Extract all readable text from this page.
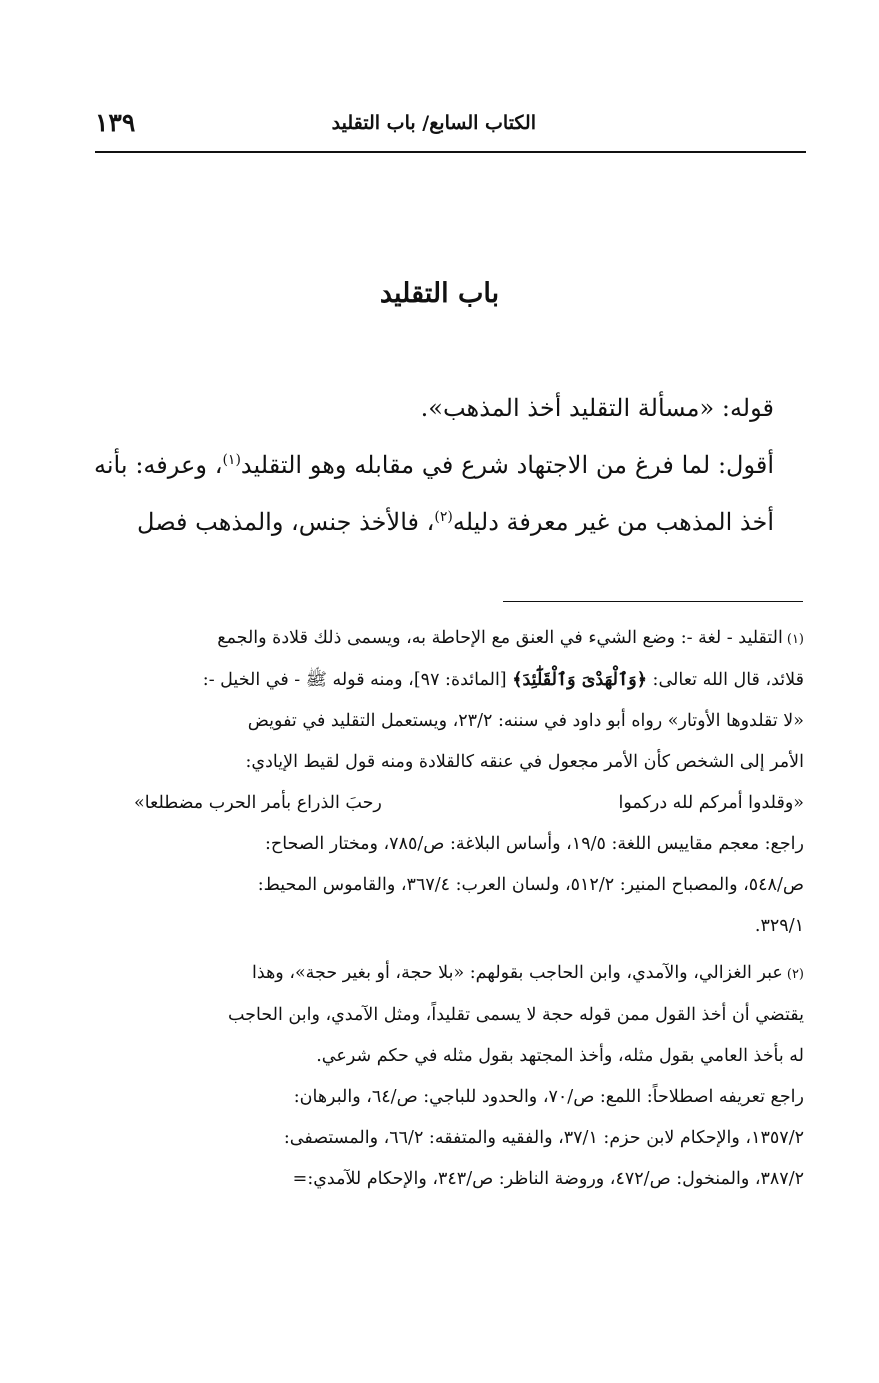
الكتاب السابع/ باب التقليد
١٣٩
باب التقليد

قوله: «مسألة التقليد أخذ المذهب».

أقول: لما فرغ من الاجتهاد شرع في مقابله وهو التقليد$^{(١)}$، وعرفه: بأنه أخذ المذهب من غير معرفة دليله$^{(٢)}$، فالأخذ جنس، والمذهب فصل

(١)التقليد - لغة -: وضع الشيء في العنق مع الإحاطة به، ويسمى ذلك قلادة والجمع

قلائد، قال الله تعالى: ﴿وَٱلْهَدْىَ وَٱلْقَلَٰٓئِدَ﴾ [المائدة: ٩٧]، ومنه قوله ﷺ - في الخيل -:

«لا تقلدوها الأوتار» رواه أبو داود في سننه: ٢٣/٢، ويستعمل التقليد في تفويض

الأمر إلى الشخص كأن الأمر مجعول في عنقه كالقلادة ومنه قول لقيط الإيادي:

«وقلدوا أمركم لله دركموا
رحبَ الذراع بأمر الحرب مضطلعا»

راجع: معجم مقاييس اللغة: ١٩/٥، وأساس البلاغة: ص/٧٨٥، ومختار الصحاح:

ص/٥٤٨، والمصباح المنير: ٥١٢/٢، ولسان العرب: ٣٦٧/٤، والقاموس المحيط:

٣٢٩/١.

(٢)عبر الغزالي، والآمدي، وابن الحاجب بقولهم: «بلا حجة، أو بغير حجة»، وهذا

يقتضي أن أخذ القول ممن قوله حجة لا يسمى تقليداً، ومثل الآمدي، وابن الحاجب

له بأخذ العامي بقول مثله، وأخذ المجتهد بقول مثله في حكم شرعي.

راجع تعريفه اصطلاحاً: اللمع: ص/٧٠، والحدود للباجي: ص/٦٤، والبرهان:

١٣٥٧/٢، والإحكام لابن حزم: ٣٧/١، والفقيه والمتفقه: ٦٦/٢، والمستصفى:

٣٨٧/٢، والمنخول: ص/٤٧٢، وروضة الناظر: ص/٣٤٣، والإحكام للآمدي:=
